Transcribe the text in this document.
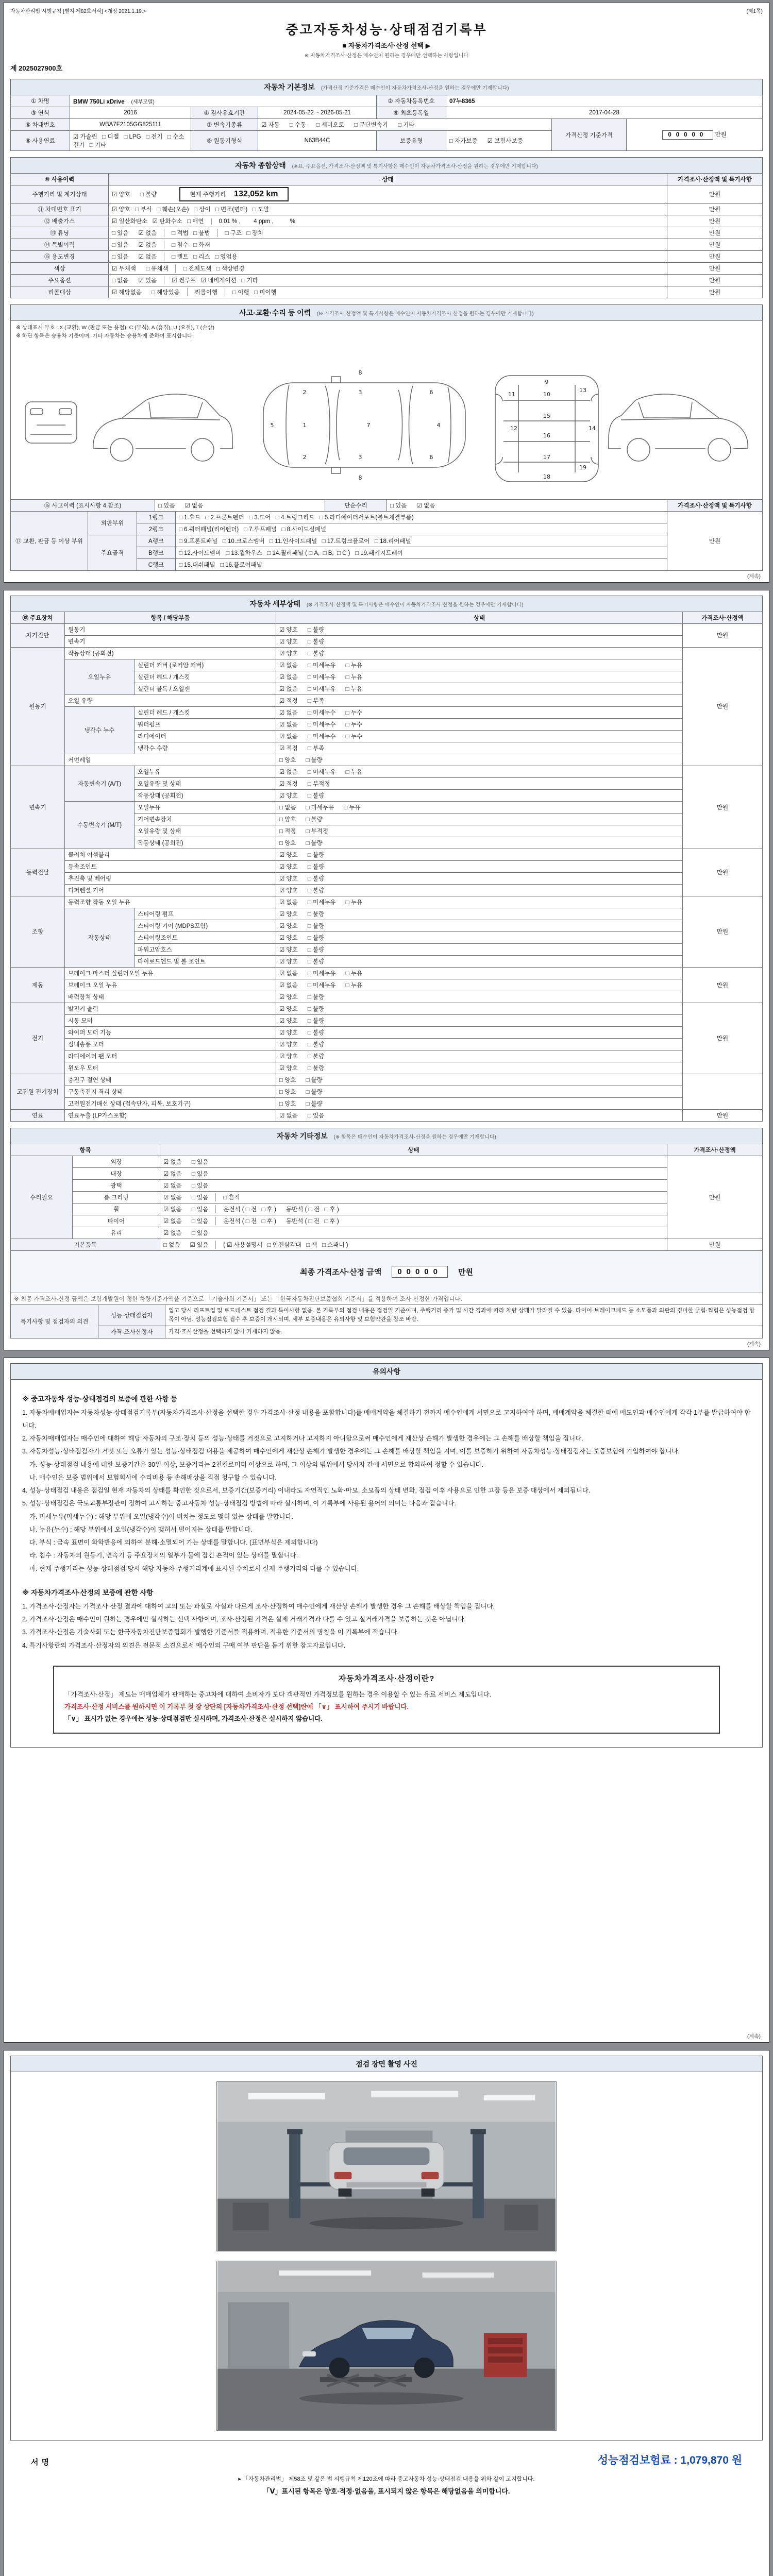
자동차관리법 시행규칙 [별지 제82호서식] <개정 2021.1.19.>	(제1쪽)
중고자동차성능·상태점검기록부
■ 자동차가격조사·산정 선택 ▶
※ 자동차가격조사·산정은 매수인이 원하는 경우에만 선택하는 사항입니다
제 2025027900호
자동차 기본정보 (가격산정 기준가격은 매수인이 자동차가격조사·산정을 원하는 경우에만 기재합니다)
① 차명	BMW 750Li xDrive (세부모델)			② 자동차등록번호	07누8365		
③ 연식	2016	④ 검사유효기간	2024-05-22 ~ 2026-05-21	⑤ 최초등록일	2017-04-28		
⑥ 차대번호	WBA7F2105GG825111	⑦ 변속기종류	☑ 자동      □ 수동      □ 세미오토      □ 무단변속기      □ 기타			가격산정 기준가격	00000 만원
⑧ 사용연료	☑ 가솔린   □ 디젤   □ LPG   □ 전기   □ 수소전기   □ 기타	⑨ 원동기형식	N63B44C	보증유형	□ 자가보증      ☑ 보험사보증		
자동차 종합상태 (※표, 주요옵션, 가격조사·산정액 및 특기사항은 매수인이 자동차가격조사·산정을 원하는 경우에만 기재합니다)
⑩ 사용이력	상태	가격조사·산정액 및 특기사항
주행거리 및 계기상태	☑ 양호      □ 불량 현재 주행거리 132,052 km	만원
⑪ 차대번호 표기	☑ 양호   □ 부식   □ 훼손(오손)   □ 상이   □ 변조(변타)   □ 도말	만원
⑫ 배출가스	☑ 일산화탄소   ☑ 탄화수소   □ 매연 0.01 % ,        4 ppm ,          %	만원
⑬ 튜닝	□ 있음      ☑ 없음 □ 적법   □ 불법 □ 구조   □ 장치	만원
⑭ 특별이력	□ 있음      ☑ 없음 □ 침수   □ 화재	만원
⑮ 용도변경	□ 있음      ☑ 없음 □ 렌트   □ 리스   □ 영업용	만원
색상	☑ 무채색      □ 유채색 □ 전체도색   □ 색상변경	만원
주요옵션	□ 없음      ☑ 있음 ☑ 썬루프   ☑ 네비게이션   □ 기타	만원
리콜대상	☑ 해당없음      □ 해당있음 리콜이행 □ 이행   □ 미이행	만원
사고·교환·수리 등 이력 (※ 가격조사·산정액 및 특기사항은 매수인이 자동차가격조사·산정을 원하는 경우에만 기재합니다)
※ 상태표시 부호 : X (교환), W (판금 또는 용접), C (부식), A (흠집), U (요철), T (손상)
※ 하단 항목은 승용차 기준이며, 기타 자동차는 승용차에 준하여 표시합니다.
5	1
2
2
3
3
7
6
6
4
8
8
9
10
11
12
13
14
15
16
17
18
19
⑯ 사고이력 (표시사항 4.참조)	□ 있음      ☑ 없음	단순수리	□ 있음      ☑ 없음	가격조사·산정액 및 특기사항
⑰ 교환, 판금 등 이상 부위	외판부위	1랭크	□ 1.후드   □ 2.프론트펜더   □ 3.도어   □ 4.트렁크리드   □ 5.라디에이터서포트(볼트체결부품)	만원
		2랭크	□ 6.쿼터패널(리어펜더)   □ 7.루프패널   □ 8.사이드실패널	
	주요골격	A랭크	□ 9.프론트패널   □ 10.크로스멤버   □ 11.인사이드패널   □ 17.트렁크플로어   □ 18.리어패널	
		B랭크	□ 12.사이드멤버   □ 13.휠하우스   □ 14.필러패널 ( □ A,  □ B,  □ C )   □ 19.패키지트레이	
		C랭크	□ 15.대쉬패널   □ 16.플로어패널	
(계속)
자동차 세부상태 (※ 가격조사·산정액 및 특기사항은 매수인이 자동차가격조사·산정을 원하는 경우에만 기재합니다)
⑱ 주요장치	항목 / 해당부품		상태	가격조사·산정액
자기진단	원동기		☑ 양호      □ 불량	만원
	변속기		☑ 양호      □ 불량	
원동기	작동상태 (공회전)		☑ 양호      □ 불량	만원
	오일누유	실린더 커버 (로커암 커버)	☑ 없음      □ 미세누유      □ 누유	
		실린더 헤드 / 개스킷	☑ 없음      □ 미세누유      □ 누유	
		실린더 블록 / 오일팬	☑ 없음      □ 미세누유      □ 누유	
	오일 유량		☑ 적정      □ 부족	
	냉각수 누수	실린더 헤드 / 개스킷	☑ 없음      □ 미세누수      □ 누수	
		워터펌프	☑ 없음      □ 미세누수      □ 누수	
		라디에이터	☑ 없음      □ 미세누수      □ 누수	
		냉각수 수량	☑ 적정      □ 부족	
	커먼레일		□ 양호      □ 불량	
변속기	자동변속기 (A/T)	오일누유	☑ 없음      □ 미세누유      □ 누유	만원
		오일유량 및 상태	☑ 적정      □ 부적정	
		작동상태 (공회전)	☑ 양호      □ 불량	
	수동변속기 (M/T)	오일누유	□ 없음      □ 미세누유      □ 누유	
		기어변속장치	□ 양호      □ 불량	
		오일유량 및 상태	□ 적정      □ 부적정	
		작동상태 (공회전)	□ 양호      □ 불량	
동력전달	클러치 어셈블리		☑ 양호      □ 불량	만원
	등속조인트		☑ 양호      □ 불량	
	추진축 및 베어링		☑ 양호      □ 불량	
	디퍼렌셜 기어		☑ 양호      □ 불량	
조향	동력조향 작동 오일 누유		☑ 없음      □ 미세누유      □ 누유	만원
	작동상태	스티어링 펌프	☑ 양호      □ 불량	
		스티어링 기어 (MDPS포함)	☑ 양호      □ 불량	
		스티어링조인트	☑ 양호      □ 불량	
		파워고압호스	☑ 양호      □ 불량	
		타이로드엔드 및 볼 조인트	☑ 양호      □ 불량	
제동	브레이크 마스터 실린더오일 누유		☑ 없음      □ 미세누유      □ 누유	만원
	브레이크 오일 누유		☑ 없음      □ 미세누유      □ 누유	
	배력장치 상태		☑ 양호      □ 불량	
전기	발전기 출력		☑ 양호      □ 불량	만원
	시동 모터		☑ 양호      □ 불량	
	와이퍼 모터 기능		☑ 양호      □ 불량	
	실내송풍 모터		☑ 양호      □ 불량	
	라디에이터 팬 모터		☑ 양호      □ 불량	
	윈도우 모터		☑ 양호      □ 불량	
고전원 전기장치	충전구 절연 상태		□ 양호      □ 불량	
	구동축전지 격리 상태		□ 양호      □ 불량	
	고전원전기배선 상태 (접속단자, 피복, 보호기구)		□ 양호      □ 불량	
연료	연료누출 (LP가스포함)		☑ 없음      □ 있음	만원
자동차 기타정보 (※ 항목은 매수인이 자동차가격조사·산정을 원하는 경우에만 기재합니다)
항목		상태	가격조사·산정액
수리필요	외장	☑ 없음      □ 있음	만원
	내장	☑ 없음      □ 있음	
	광택	☑ 없음      □ 있음	
	룸 크리닝	☑ 없음      □ 있음 □ 흔적	
	휠	☑ 없음      □ 있음 운전석 ( □ 전   □ 후 )      동반석 ( □ 전   □ 후 )	
	타이어	☑ 없음      □ 있음 운전석 ( □ 전   □ 후 )      동반석 ( □ 전   □ 후 )	
	유리	☑ 없음      □ 있음	
기본품목		□ 없음      ☑ 있음 ( ☑ 사용설명서   □ 안전삼각대   □ 잭   □ 스패너 )	만원

최종 가격조사·산정 금액	00000	만원

※ 최종 가격조사·산정 금액은 보험개발원이 정한 차량기준가액을 기준으로 「기술사회 기준서」 또는 「한국자동차진단보증협회 기준서」를 적용하여 조사·산정한 가격입니다.
특기사항 및 점검자의 의견	성능·상태점검자	입고 당시 리프트업 및 로드테스트 점검 결과 특이사항 없음. 본 기록부의 점검 내용은 점검일 기준이며, 주행거리 증가 및 시간 경과에 따라 차량 상태가 달라질 수 있음. 타이어·브레이크패드 등 소모품과 외판의 경미한 긁힘·찍힘은 성능점검 항목이 아님. 성능점검보험 접수 후 보증이 개시되며, 세부 보증내용은 유의사항 및 보험약관을 참조 바람.

	가격·조사산정자	가격·조사산정을 선택하지 않아 기재하지 않음.
(계속)
유의사항
※ 중고자동차 성능·상태점검의 보증에 관한 사항 등
1. 자동차매매업자는 자동차성능·상태점검기록부(자동차가격조사·산정을 선택한 경우 가격조사·산정 내용을 포함합니다)를 매매계약을 체결하기 전까지 매수인에게 서면으로 고지하여야 하며, 매매계약을 체결한 때에 매도인과 매수인에게 각각 1부를 발급하여야 합니다.
2. 자동차매매업자는 매수인에 대하여 해당 자동차의 구조·장치 등의 성능·상태를 거짓으로 고지하거나 고지하지 아니함으로써 매수인에게 재산상 손해가 발생한 경우에는 그 손해를 배상할 책임을 집니다.
3. 자동차성능·상태점검자가 거짓 또는 오류가 있는 성능·상태점검 내용을 제공하여 매수인에게 재산상 손해가 발생한 경우에는 그 손해를 배상할 책임을 지며, 이를 보증하기 위하여 자동차성능·상태점검자는 보증보험에 가입하여야 합니다.
가. 성능·상태점검 내용에 대한 보증기간은 30일 이상, 보증거리는 2천킬로미터 이상으로 하며, 그 이상의 범위에서 당사자 간에 서면으로 합의하여 정할 수 있습니다.
나. 매수인은 보증 범위에서 보험회사에 수리비용 등 손해배상을 직접 청구할 수 있습니다.
4. 성능·상태점검 내용은 점검일 현재 자동차의 상태를 확인한 것으로서, 보증기간(보증거리) 이내라도 자연적인 노화·마모, 소모품의 상태 변화, 점검 이후 사용으로 인한 고장 등은 보증 대상에서 제외됩니다.
5. 성능·상태점검은 국토교통부장관이 정하여 고시하는 중고자동차 성능·상태점검 방법에 따라 실시하며, 이 기록부에 사용된 용어의 의미는 다음과 같습니다.
가. 미세누유(미세누수) : 해당 부위에 오일(냉각수)이 비치는 정도로 맺혀 있는 상태를 말합니다.
나. 누유(누수) : 해당 부위에서 오일(냉각수)이 맺혀서 떨어지는 상태를 말합니다.
다. 부식 : 금속 표면이 화학반응에 의하여 분해·소멸되어 가는 상태를 말합니다. (표면부식은 제외합니다)
라. 침수 : 자동차의 원동기, 변속기 등 주요장치의 일부가 물에 잠긴 흔적이 있는 상태를 말합니다.
마. 현재 주행거리는 성능·상태점검 당시 해당 자동차 주행거리계에 표시된 수치로서 실제 주행거리와 다를 수 있습니다.
※ 자동차가격조사·산정의 보증에 관한 사항
1. 가격조사·산정자는 가격조사·산정 결과에 대하여 고의 또는 과실로 사실과 다르게 조사·산정하여 매수인에게 재산상 손해가 발생한 경우 그 손해를 배상할 책임을 집니다.
2. 가격조사·산정은 매수인이 원하는 경우에만 실시하는 선택 사항이며, 조사·산정된 가격은 실제 거래가격과 다를 수 있고 실거래가격을 보증하는 것은 아닙니다.
3. 가격조사·산정은 기술사회 또는 한국자동차진단보증협회가 발행한 기준서를 적용하며, 적용한 기준서의 명칭을 이 기록부에 적습니다.
4. 특기사항란의 가격조사·산정자의 의견은 전문적 소견으로서 매수인의 구매 여부 판단을 돕기 위한 참고자료입니다.
자동차가격조사·산정이란?
「가격조사·산정」 제도는 매매업체가 판매하는 중고차에 대하여 소비자가 보다 객관적인 가격정보를 원하는 경우 이용할 수 있는 유료 서비스 제도입니다.
가격조사·산정 서비스를 원하시면 이 기록부 첫 장 상단의 [자동차가격조사·산정 선택]란에 「∨」 표시하여 주시기 바랍니다.
「∨」 표시가 없는 경우에는 성능·상태점검만 실시하며, 가격조사·산정은 실시하지 않습니다.
(계속)
점검 장면 촬영 사진
서명	성능점검보험료 : 1,079,870 원
▸ 「자동차관리법」 제58조 및 같은 법 시행규칙 제120조에 따라 중고자동차 성능·상태점검 내용을 위와 같이 고지합니다.
「Ⅴ」표시된 항목은 양호·적정·없음을, 표시되지 않은 항목은 해당없음을 의미합니다.
